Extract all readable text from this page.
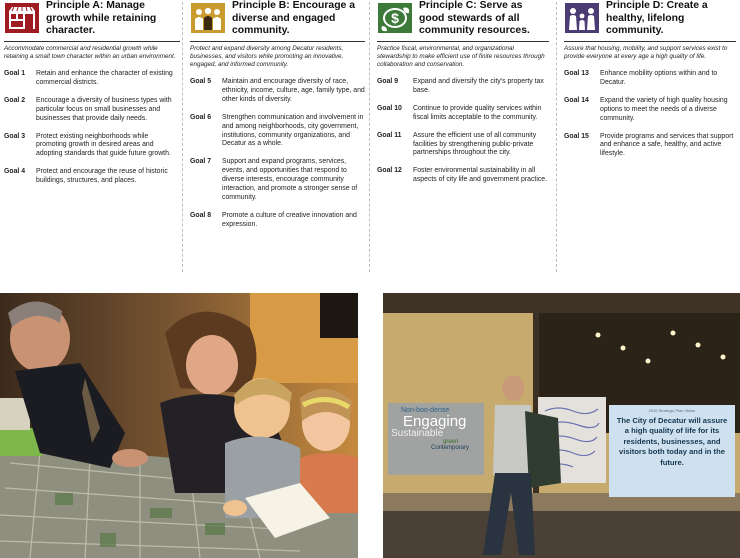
Principle A: Manage growth while retaining character.
Accommodate commercial and residential growth while retaining a small town character within an urban environment.
Goal 1	Retain and enhance the character of existing commercial districts.
Goal 2	Encourage a diversity of business types with particular focus on small businesses and businesses that provide daily needs.
Goal 3	Protect existing neighborhoods while promoting growth in desired areas and adopting standards that guide future growth.
Goal 4	Protect and encourage the reuse of historic buildings, structures, and places.
Principle B: Encourage a diverse and engaged community.
Protect and expand diversity among Decatur residents, businesses, and visitors while promoting an innovative, engaged, and informed community.
Goal 5	Maintain and encourage diversity of race, ethnicity, income, culture, age, family type, and other kinds of diversity.
Goal 6	Strengthen communication and involvement in and among neighborhoods, city government, institutions, community organizations, and Decatur as a whole.
Goal 7	Support and expand programs, services, events, and opportunities that respond to diverse interests, encourage community interaction, and promote a stronger sense of community.
Goal 8	Promote a culture of creative innovation and expression.
$
Principle C: Serve as good stewards of all community resources.
Practice fiscal, environmental, and organizational stewardship to make efficient use of finite resources through collaboration and conservation.
Goal 9	Expand and diversify the city’s property tax base.
Goal 10	Continue to provide quality services within fiscal limits acceptable to the community.
Goal 11	Assure the efficient use of all community facilities by strengthening public-private partnerships throughout the city.
Goal 12	Foster environmental sustainability in all aspects of city life and government practice.
Principle D: Create a healthy, lifelong community.
Assure that housing, mobility, and support services exist to provide everyone at every age a high quality of life.
Goal 13	Enhance mobility options within and to Decatur.
Goal 14	Expand the variety of high quality housing options to meet the needs of a diverse community.
Goal 15	Provide programs and services that support and enhance a safe, healthy, and active lifestyle.
Non-boo-dense
Engaging
Sustainable
green
Contemporary
2010 Strategic Plan Vision
The City of Decatur will assure a high quality of life for its residents, businesses, and visitors both today and in the future.
